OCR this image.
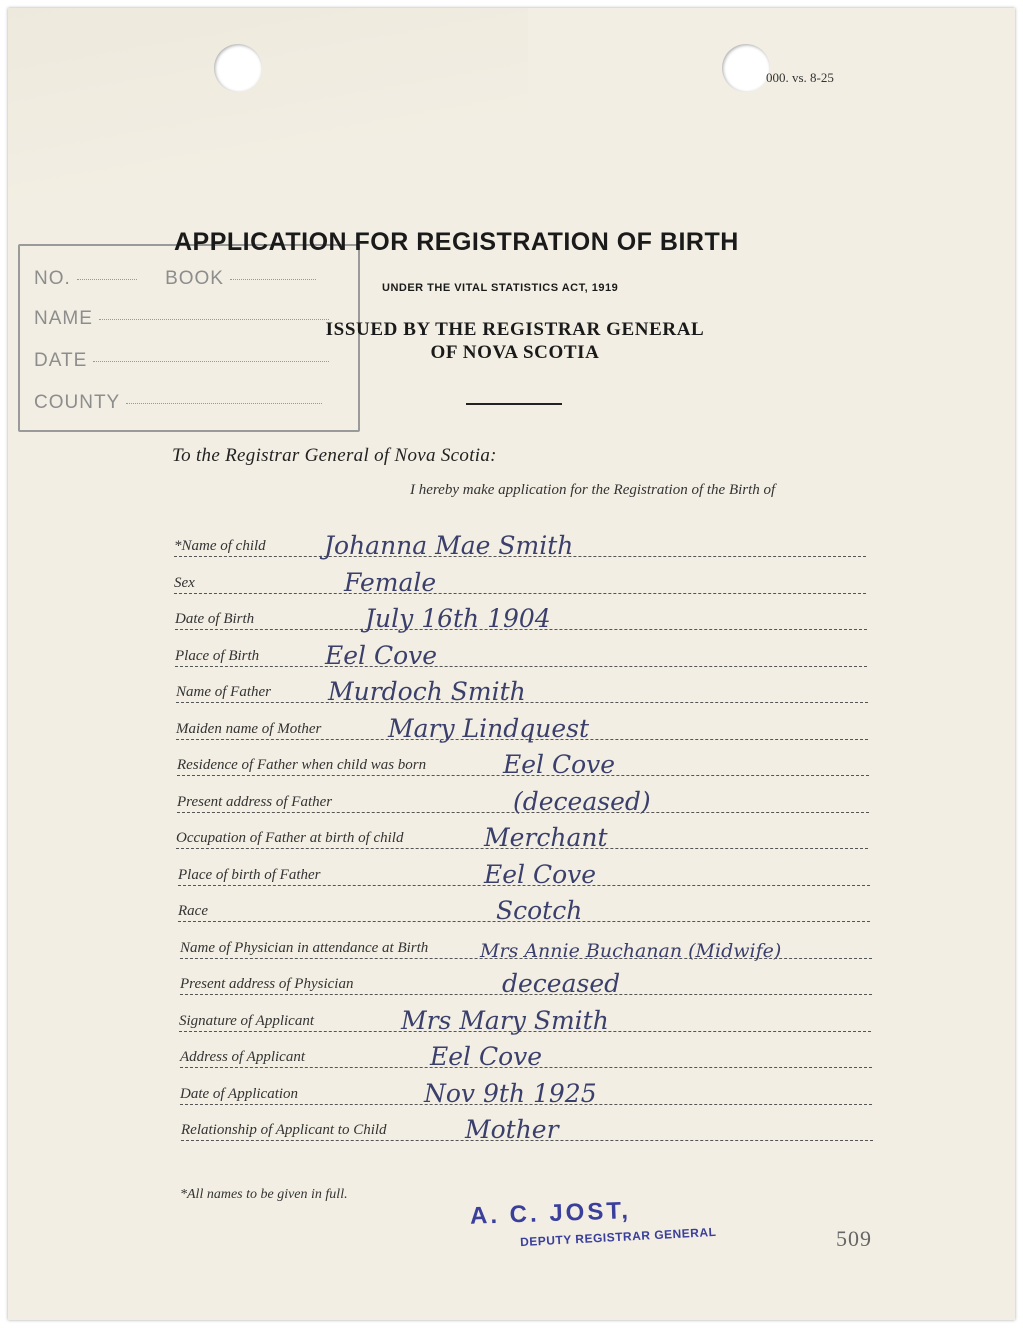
000. vs. 8-25
NO.	BOOK
NAME
DATE
COUNTY
APPLICATION FOR REGISTRATION OF BIRTH
UNDER THE VITAL STATISTICS ACT, 1919
ISSUED BY THE REGISTRAR GENERAL
OF NOVA SCOTIA
To the Registrar General of Nova Scotia:
I hereby make application for the Registration of the Birth of
*Name of child Johanna Mae Smith
Sex	Female
Date of Birth	July 16th 1904
Place of Birth	Eel Cove
Name of Father Murdoch Smith
Maiden name of Mother	Mary Lindquest
Residence of Father when child was born	Eel Cove
Present address of Father	(deceased)
Occupation of Father at birth of child	Merchant
Place of birth of Father	Eel Cove
Race	Scotch
Name of Physician in attendance at Birth	Mrs Annie Buchanan (Midwife)
Present address of Physician	deceased
Signature of Applicant	Mrs Mary Smith
Address of Applicant	Eel Cove
Date of Application	Nov 9th 1925
Relationship of Applicant to Child	Mother
*All names to be given in full.
A. C. JOST,
DEPUTY REGISTRAR GENERAL	509
